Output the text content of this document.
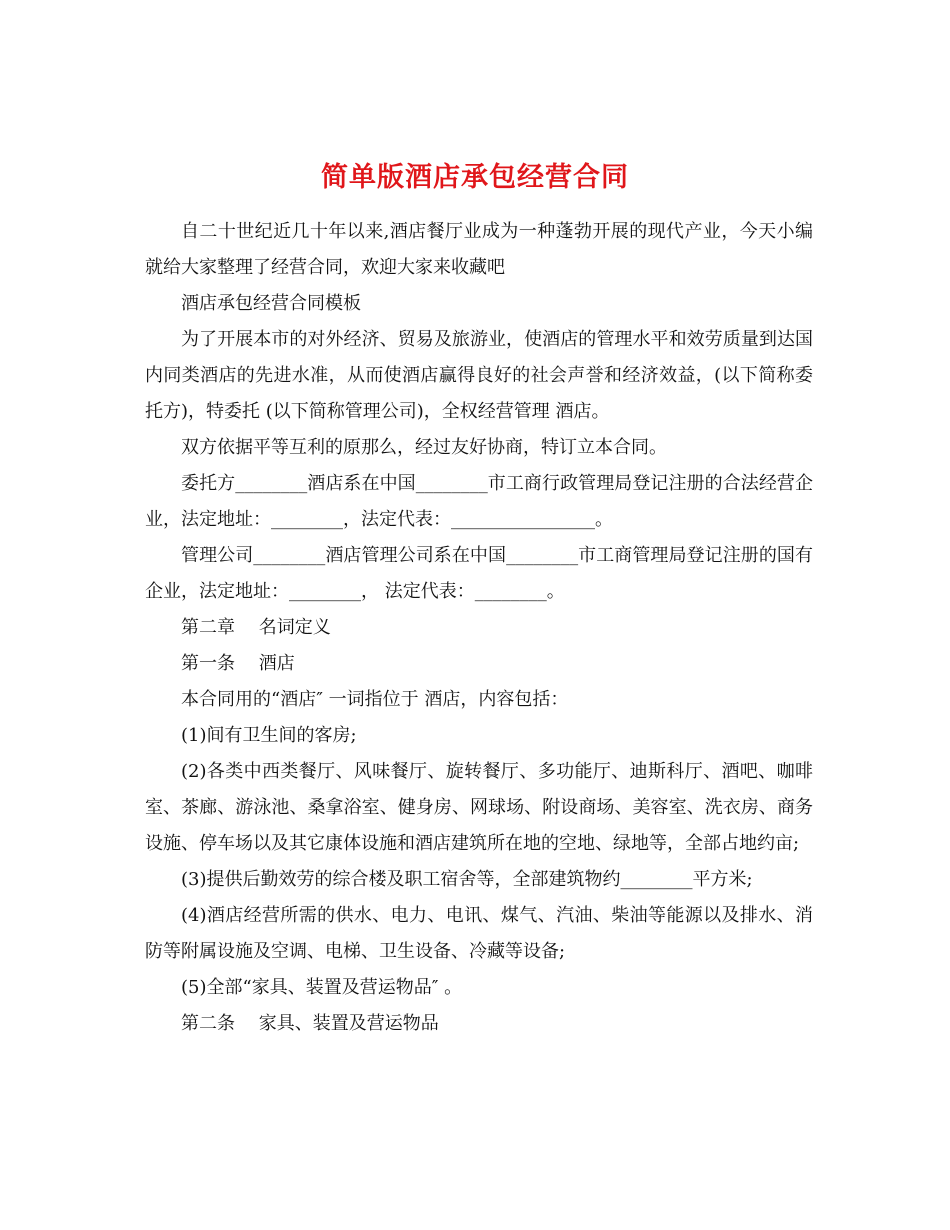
简单版酒店承包经营合同

自二十世纪近几十年以来,酒店餐厅业成为一种蓬勃开展的现代产业，今天小编就给大家整理了经营合同，欢迎大家来收藏吧

酒店承包经营合同模板

为了开展本市的对外经济、贸易及旅游业，使酒店的管理水平和效劳质量到达国内同类酒店的先进水准，从而使酒店赢得良好的社会声誉和经济效益，(以下简称委托方)，特委托 (以下简称管理公司)，全权经营管理 酒店。

双方依据平等互利的原那么，经过友好协商，特订立本合同。

委托方________酒店系在中国________市工商行政管理局登记注册的合法经营企业，法定地址：________，法定代表：________________。

管理公司________酒店管理公司系在中国________市工商管理局登记注册的国有企业，法定地址：________， 法定代表：________。

第二章　 名词定义

第一条　 酒店

本合同用的“酒店″ 一词指位于 酒店，内容包括：

(1)间有卫生间的客房;

(2)各类中西类餐厅、风味餐厅、旋转餐厅、多功能厅、迪斯科厅、酒吧、咖啡室、茶廊、游泳池、桑拿浴室、健身房、网球场、附设商场、美容室、洗衣房、商务设施、停车场以及其它康体设施和酒店建筑所在地的空地、绿地等，全部占地约亩;

(3)提供后勤效劳的综合楼及职工宿舍等，全部建筑物约________平方米;

(4)酒店经营所需的供水、电力、电讯、煤气、汽油、柴油等能源以及排水、消防等附属设施及空调、电梯、卫生设备、冷藏等设备;

(5)全部“家具、装置及营运物品″ 。

第二条　 家具、装置及营运物品
